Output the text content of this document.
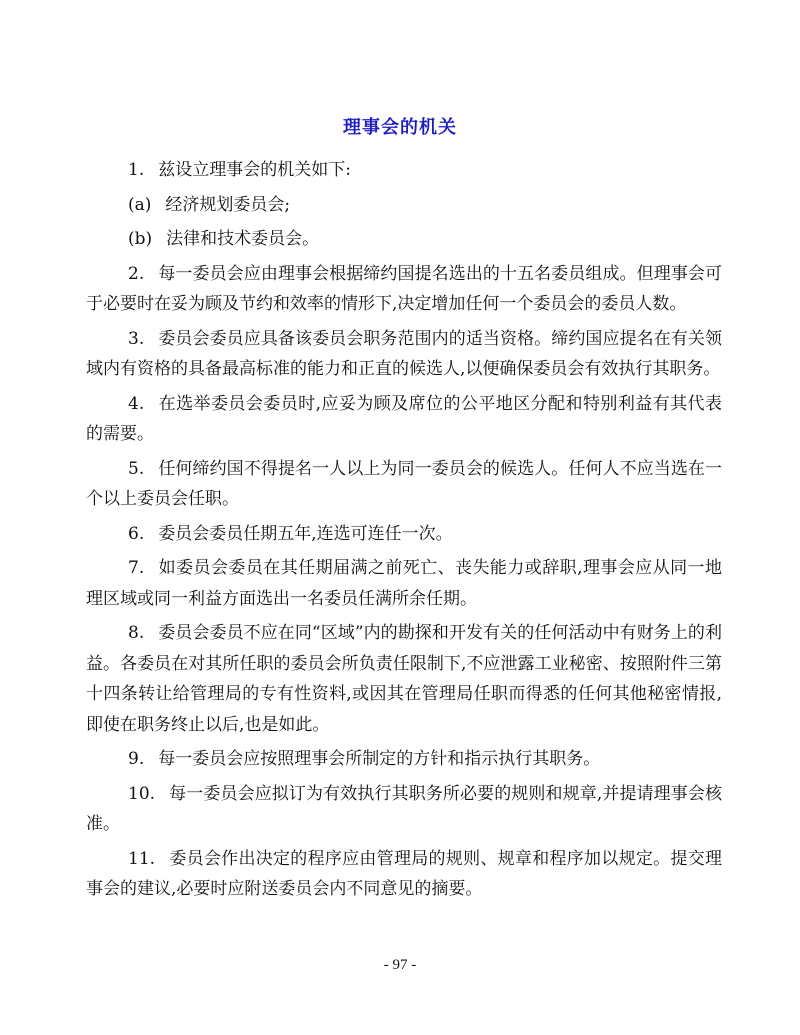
理事会的机关

1. 兹设立理事会的机关如下:

(a) 经济规划委员会;

(b) 法律和技术委员会。

2. 每一委员会应由理事会根据缔约国提名选出的十五名委员组成。但理事会可于必要时在妥为顾及节约和效率的情形下,决定增加任何一个委员会的委员人数。

3. 委员会委员应具备该委员会职务范围内的适当资格。缔约国应提名在有关领域内有资格的具备最高标准的能力和正直的候选人,以便确保委员会有效执行其职务。

4. 在选举委员会委员时,应妥为顾及席位的公平地区分配和特别利益有其代表的需要。

5. 任何缔约国不得提名一人以上为同一委员会的候选人。任何人不应当选在一个以上委员会任职。

6. 委员会委员任期五年,连选可连任一次。

7. 如委员会委员在其任期届满之前死亡、丧失能力或辞职,理事会应从同一地理区域或同一利益方面选出一名委员任满所余任期。

8. 委员会委员不应在同“区域”内的勘探和开发有关的任何活动中有财务上的利益。各委员在对其所任职的委员会所负责任限制下,不应泄露工业秘密、按照附件三第十四条转让给管理局的专有性资料,或因其在管理局任职而得悉的任何其他秘密情报,即使在职务终止以后,也是如此。

9. 每一委员会应按照理事会所制定的方针和指示执行其职务。

10. 每一委员会应拟订为有效执行其职务所必要的规则和规章,并提请理事会核准。

11. 委员会作出决定的程序应由管理局的规则、规章和程序加以规定。提交理事会的建议,必要时应附送委员会内不同意见的摘要。

- 97 -
